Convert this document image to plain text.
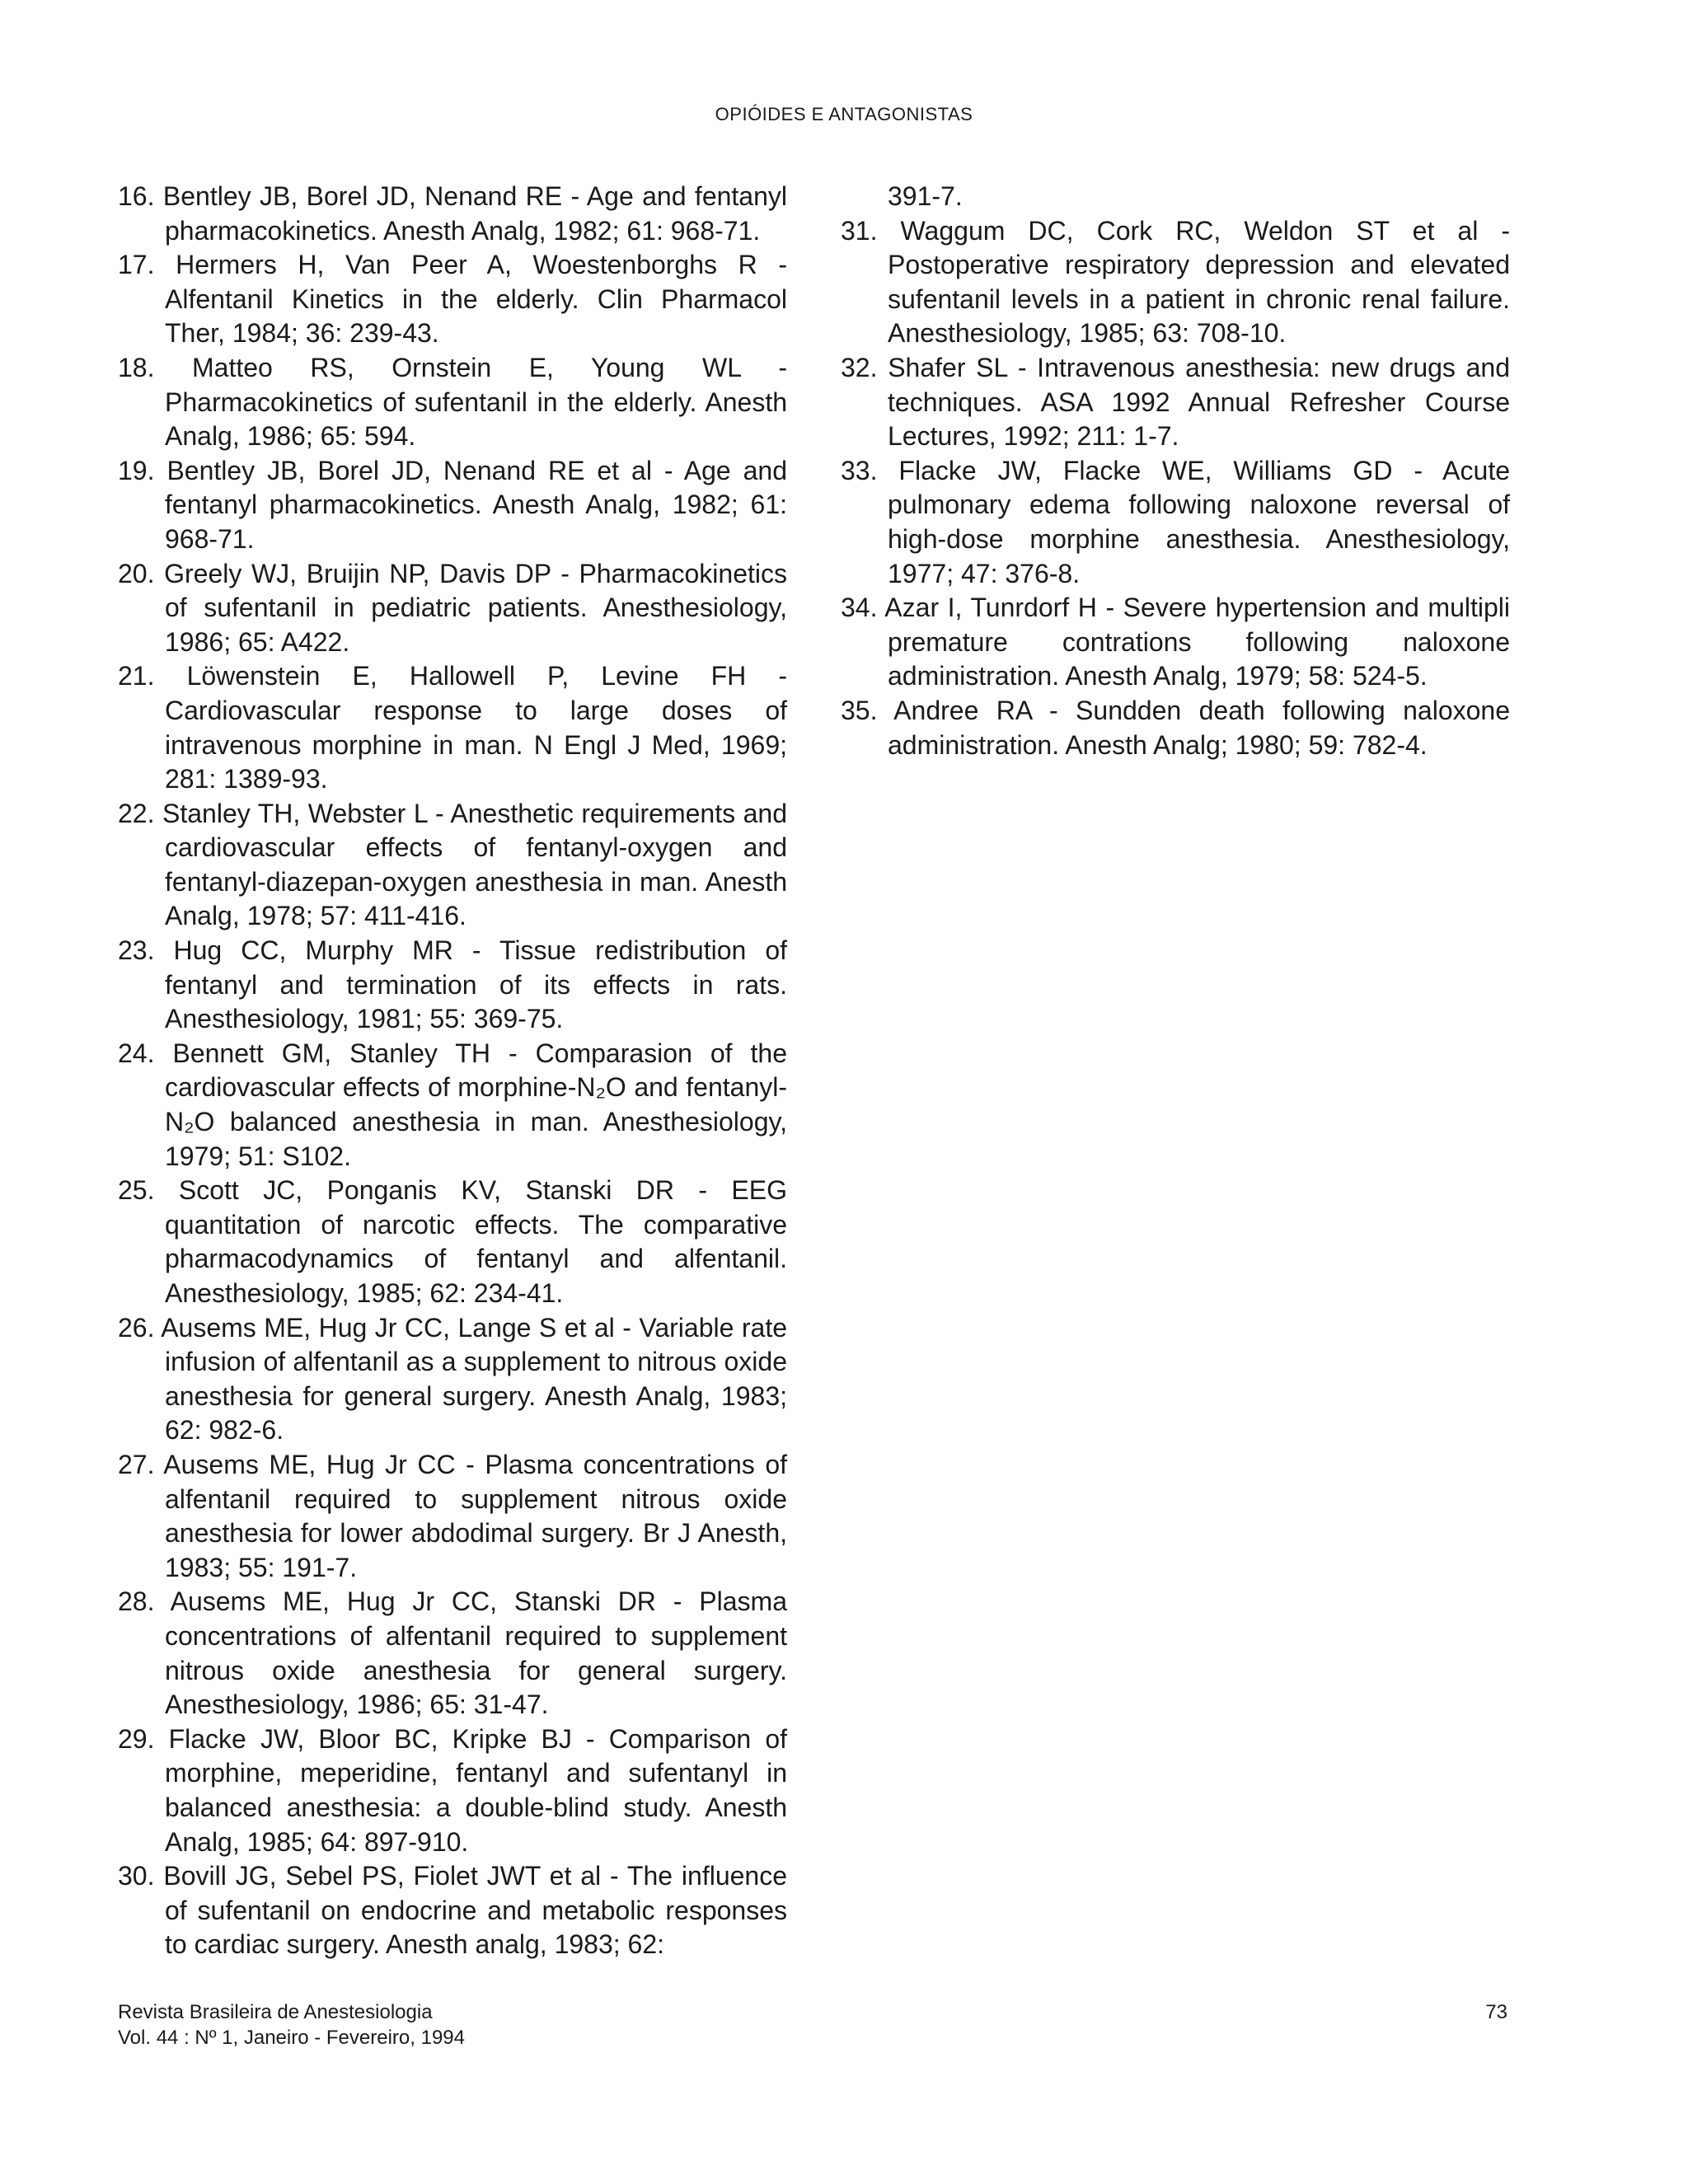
OPIÓIDES E ANTAGONISTAS
16. Bentley JB, Borel JD, Nenand RE - Age and fentanyl pharmacokinetics. Anesth Analg, 1982; 61: 968-71.
17. Hermers H, Van Peer A, Woestenborghs R - Alfentanil Kinetics in the elderly. Clin Pharmacol Ther, 1984; 36: 239-43.
18. Matteo RS, Ornstein E, Young WL - Pharmacokinetics of sufentanil in the elderly. Anesth Analg, 1986; 65: 594.
19. Bentley JB, Borel JD, Nenand RE et al - Age and fentanyl pharmacokinetics. Anesth Analg, 1982; 61: 968-71.
20. Greely WJ, Bruijin NP, Davis DP - Pharmacokinetics of sufentanil in pediatric patients. Anesthesiology, 1986; 65: A422.
21. Löwenstein E, Hallowell P, Levine FH - Cardiovascular response to large doses of intravenous morphine in man. N Engl J Med, 1969; 281: 1389-93.
22. Stanley TH, Webster L - Anesthetic requirements and cardiovascular effects of fentanyl-oxygen and fentanyl-diazepan-oxygen anesthesia in man. Anesth Analg, 1978; 57: 411-416.
23. Hug CC, Murphy MR - Tissue redistribution of fentanyl and termination of its effects in rats. Anesthesiology, 1981; 55: 369-75.
24. Bennett GM, Stanley TH - Comparasion of the cardiovascular effects of morphine-N₂O and fentanyl-N₂O balanced anesthesia in man. Anesthesiology, 1979; 51: S102.
25. Scott JC, Ponganis KV, Stanski DR - EEG quantitation of narcotic effects. The comparative pharmacodynamics of fentanyl and alfentanil. Anesthesiology, 1985; 62: 234-41.
26. Ausems ME, Hug Jr CC, Lange S et al - Variable rate infusion of alfentanil as a supplement to nitrous oxide anesthesia for general surgery. Anesth Analg, 1983; 62: 982-6.
27. Ausems ME, Hug Jr CC - Plasma concentrations of alfentanil required to supplement nitrous oxide anesthesia for lower abdodimal surgery. Br J Anesth, 1983; 55: 191-7.
28. Ausems ME, Hug Jr CC, Stanski DR - Plasma concentrations of alfentanil required to supplement nitrous oxide anesthesia for general surgery. Anesthesiology, 1986; 65: 31-47.
29. Flacke JW, Bloor BC, Kripke BJ - Comparison of morphine, meperidine, fentanyl and sufentanyl in balanced anesthesia: a double-blind study. Anesth Analg, 1985; 64: 897-910.
30. Bovill JG, Sebel PS, Fiolet JWT et al - The influence of sufentanil on endocrine and metabolic responses to cardiac surgery. Anesth analg, 1983; 62:
391-7.
31. Waggum DC, Cork RC, Weldon ST et al - Postoperative respiratory depression and elevated sufentanil levels in a patient in chronic renal failure. Anesthesiology, 1985; 63: 708-10.
32. Shafer SL - Intravenous anesthesia: new drugs and techniques. ASA 1992 Annual Refresher Course Lectures, 1992; 211: 1-7.
33. Flacke JW, Flacke WE, Williams GD - Acute pulmonary edema following naloxone reversal of high-dose morphine anesthesia. Anesthesiology, 1977; 47: 376-8.
34. Azar I, Tunrdorf H - Severe hypertension and multipli premature contrations following naloxone administration. Anesth Analg, 1979; 58: 524-5.
35. Andree RA - Sundden death following naloxone administration. Anesth Analg; 1980; 59: 782-4.
Revista Brasileira de Anestesiologia
Vol. 44 : Nº 1, Janeiro - Fevereiro, 1994
73
